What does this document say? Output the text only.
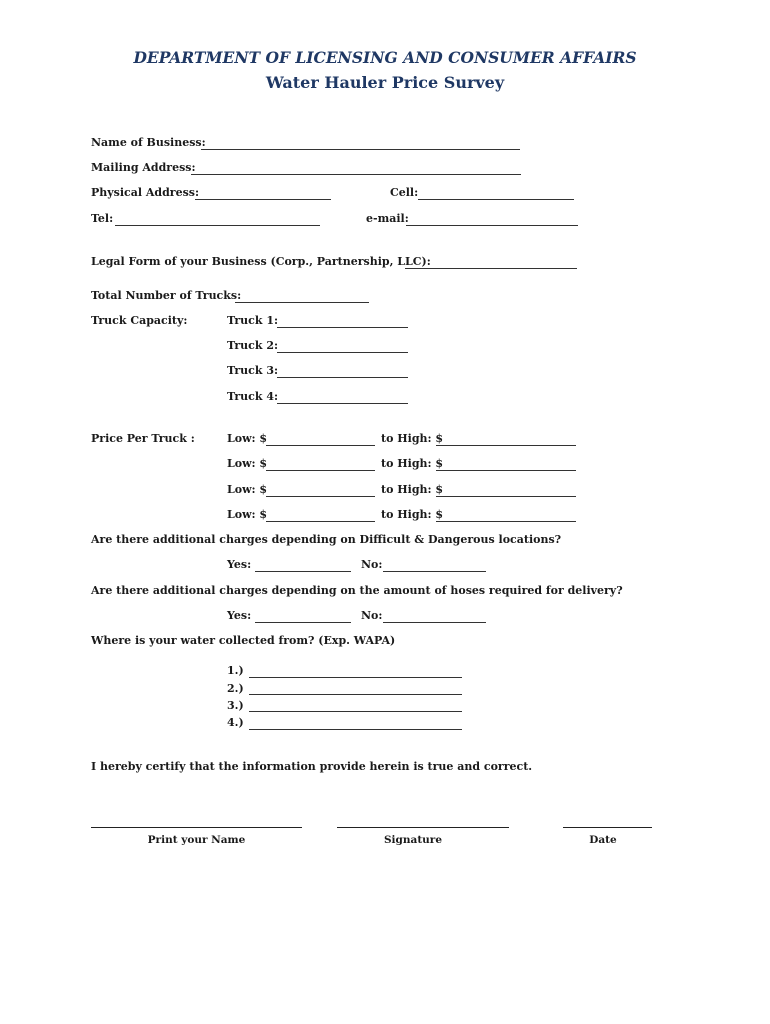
DEPARTMENT OF LICENSING AND CONSUMER AFFAIRS
Water Hauler Price Survey
Name of Business:
Mailing Address:
Physical Address:	Cell:
Tel:	e-mail:
Legal Form of your Business (Corp., Partnership, LLC):
Total Number of Trucks:
Truck Capacity:	Truck 1:
Truck 2:
Truck 3:
Truck 4:
Price Per Truck :	Low: $	to High: $
Low: $	to High: $
Low: $	to High: $
Low: $	to High: $
Are there additional charges depending on Difficult & Dangerous locations?
Yes:	No:
Are there additional charges depending on the amount of hoses required for delivery?
Yes:	No:
Where is your water collected from? (Exp. WAPA)
1.)
2.)
3.)
4.)
I hereby certify that the information provide herein is true and correct.
Print your Name	Signature	Date
